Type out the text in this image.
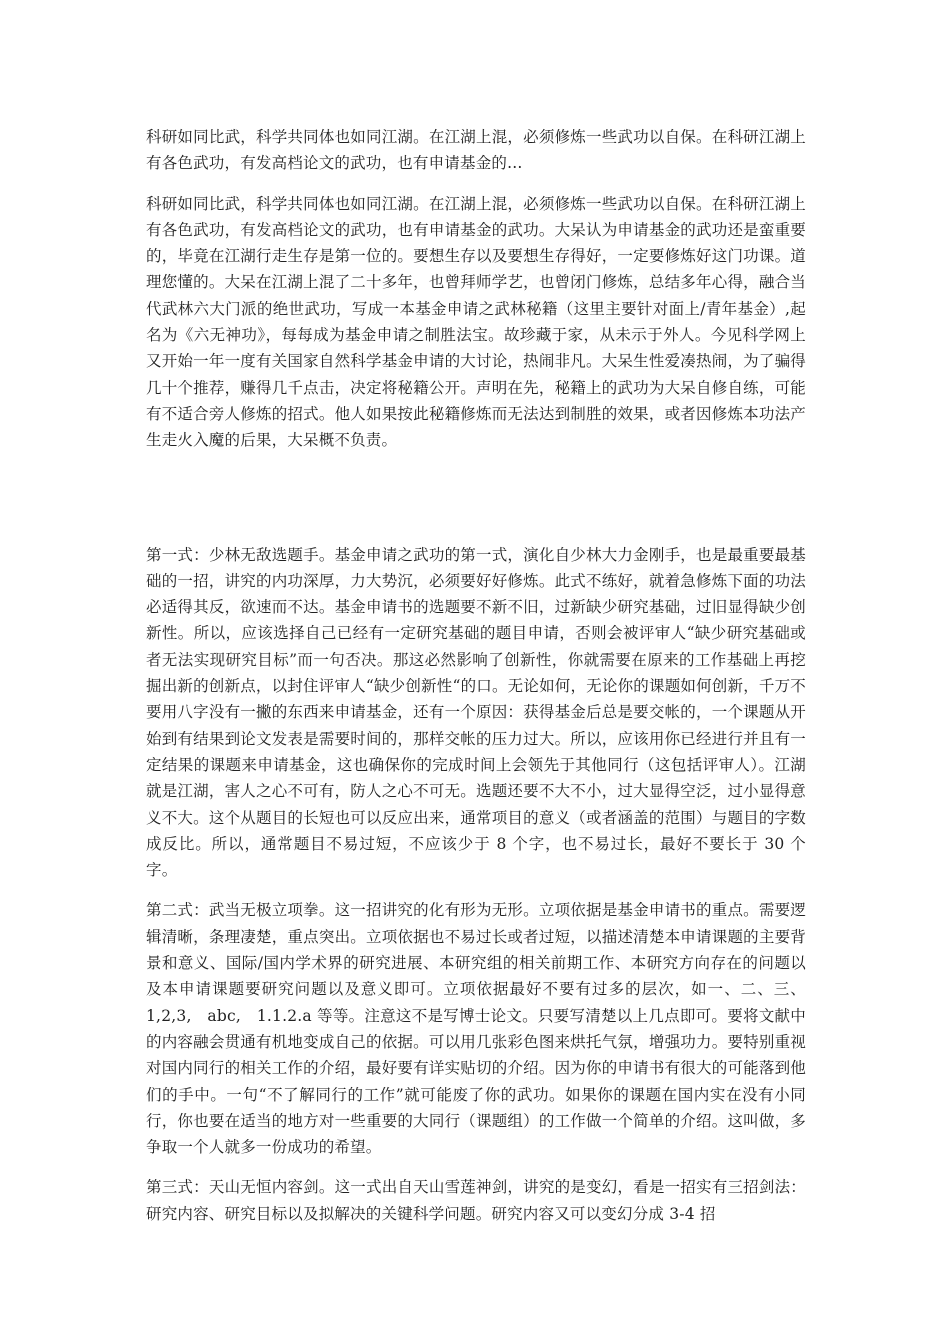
科研如同比武，科学共同体也如同江湖。在江湖上混，必须修炼一些武功以自保。在科研江湖上有各色武功，有发高档论文的武功，也有申请基金的...

科研如同比武，科学共同体也如同江湖。在江湖上混，必须修炼一些武功以自保。在科研江湖上有各色武功，有发高档论文的武功，也有申请基金的武功。大呆认为申请基金的武功还是蛮重要的，毕竟在江湖行走生存是第一位的。要想生存以及要想生存得好，一定要修炼好这门功课。道理您懂的。大呆在江湖上混了二十多年，也曾拜师学艺，也曾闭门修炼，总结多年心得，融合当代武林六大门派的绝世武功，写成一本基金申请之武林秘籍（这里主要针对面上/青年基金）,起名为《六无神功》，每每成为基金申请之制胜法宝。故珍藏于家，从未示于外人。今见科学网上又开始一年一度有关国家自然科学基金申请的大讨论，热闹非凡。大呆生性爱凑热闹，为了骗得几十个推荐，赚得几千点击，决定将秘籍公开。声明在先，秘籍上的武功为大呆自修自练，可能有不适合旁人修炼的招式。他人如果按此秘籍修炼而无法达到制胜的效果，或者因修炼本功法产生走火入魔的后果，大呆概不负责。

第一式：少林无敌选题手。基金申请之武功的第一式，演化自少林大力金刚手，也是最重要最基础的一招，讲究的内功深厚，力大势沉，必须要好好修炼。此式不练好，就着急修炼下面的功法必适得其反，欲速而不达。基金申请书的选题要不新不旧，过新缺少研究基础，过旧显得缺少创新性。所以，应该选择自己已经有一定研究基础的题目申请，否则会被评审人“缺少研究基础或者无法实现研究目标”而一句否决。那这必然影响了创新性，你就需要在原来的工作基础上再挖掘出新的创新点，以封住评审人“缺少创新性“的口。无论如何，无论你的课题如何创新，千万不要用八字没有一撇的东西来申请基金，还有一个原因：获得基金后总是要交帐的，一个课题从开始到有结果到论文发表是需要时间的，那样交帐的压力过大。所以，应该用你已经进行并且有一定结果的课题来申请基金，这也确保你的完成时间上会领先于其他同行（这包括评审人）。江湖就是江湖，害人之心不可有，防人之心不可无。选题还要不大不小，过大显得空泛，过小显得意义不大。这个从题目的长短也可以反应出来，通常项目的意义（或者涵盖的范围）与题目的字数成反比。所以，通常题目不易过短，不应该少于 8 个字，也不易过长，最好不要长于 30 个字。

第二式：武当无极立项拳。这一招讲究的化有形为无形。立项依据是基金申请书的重点。需要逻辑清晰，条理凄楚，重点突出。立项依据也不易过长或者过短，以描述清楚本申请课题的主要背景和意义、国际/国内学术界的研究进展、本研究组的相关前期工作、本研究方向存在的问题以及本申请课题要研究问题以及意义即可。立项依据最好不要有过多的层次，如一、二、三、1,2,3,　abc,　1.1.2.a 等等。注意这不是写博士论文。只要写清楚以上几点即可。要将文献中的内容融会贯通有机地变成自己的依据。可以用几张彩色图来烘托气氛，增强功力。要特别重视对国内同行的相关工作的介绍，最好要有详实贴切的介绍。因为你的申请书有很大的可能落到他们的手中。一句“不了解同行的工作”就可能废了你的武功。如果你的课题在国内实在没有小同行，你也要在适当的地方对一些重要的大同行（课题组）的工作做一个简单的介绍。这叫做，多争取一个人就多一份成功的希望。

第三式：天山无恒内容剑。这一式出自天山雪莲神剑，讲究的是变幻，看是一招实有三招剑法：研究内容、研究目标以及拟解决的关键科学问题。研究内容又可以变幻分成 3-4 招
